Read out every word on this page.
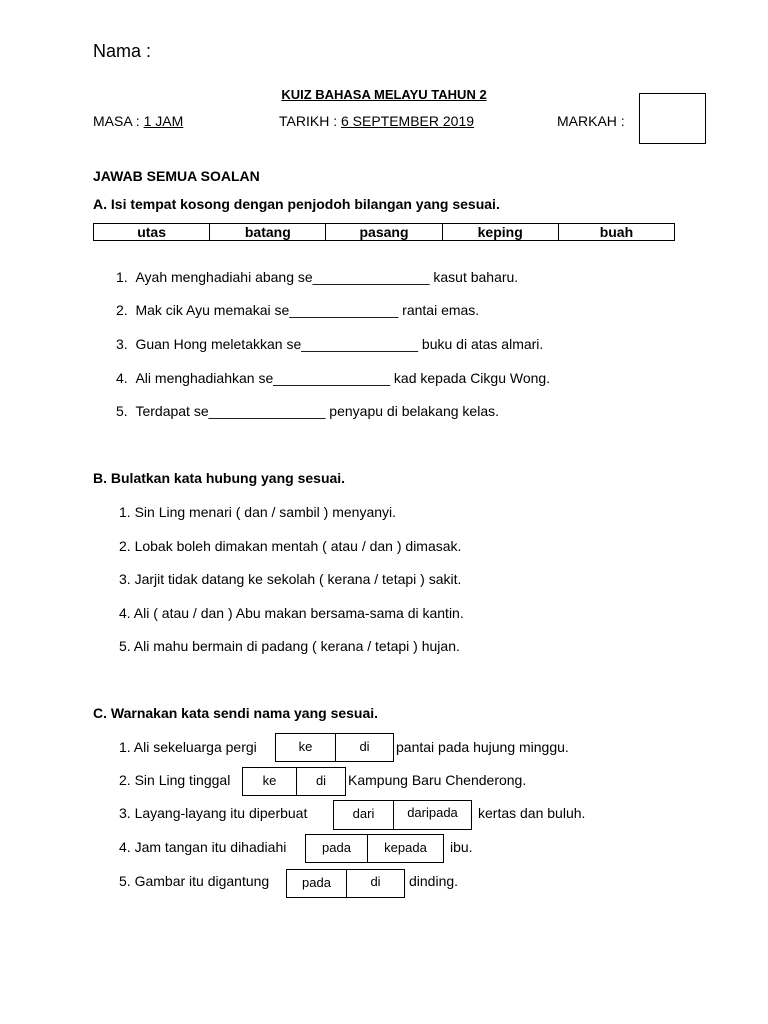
Nama :
KUIZ BAHASA MELAYU TAHUN 2
MASA : 1 JAM	TARIKH : 6 SEPTEMBER 2019	MARKAH :
JAWAB SEMUA SOALAN
A. Isi tempat kosong dengan penjodoh bilangan yang sesuai.
utas	batang	pasang	keping	buah
1. Ayah menghadiahi abang se_______________ kasut baharu.
2. Mak cik Ayu memakai se______________ rantai emas.
3. Guan Hong meletakkan se_______________ buku di atas almari.
4. Ali menghadiahkan se_______________ kad kepada Cikgu Wong.
5. Terdapat se_______________ penyapu di belakang kelas.
B. Bulatkan kata hubung yang sesuai.
1. Sin Ling menari ( dan / sambil ) menyanyi.
2. Lobak boleh dimakan mentah ( atau / dan ) dimasak.
3. Jarjit tidak datang ke sekolah ( kerana / tetapi ) sakit.
4. Ali ( atau / dan ) Abu makan bersama-sama di kantin.
5. Ali mahu bermain di padang ( kerana / tetapi ) hujan.
C. Warnakan kata sendi nama yang sesuai.
1. Ali sekeluarga pergi	ke	di	pantai pada hujung minggu.
2. Sin Ling tinggal	ke	di	Kampung Baru Chenderong.
3. Layang-layang itu diperbuat	dari	daripada	kertas dan buluh.
4. Jam tangan itu dihadiahi	pada	kepada	ibu.
5. Gambar itu digantung	pada	di	dinding.
